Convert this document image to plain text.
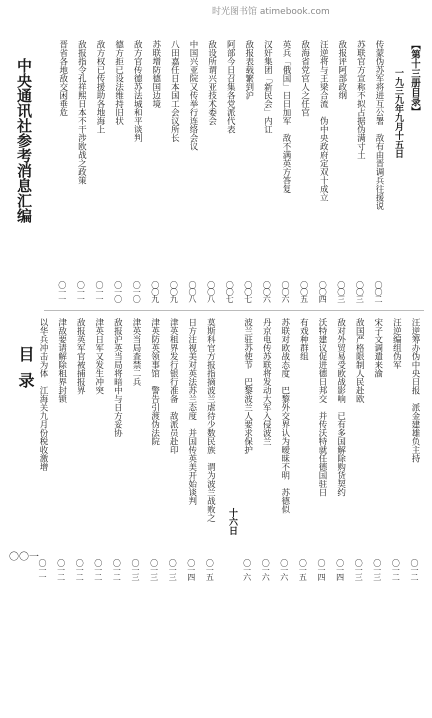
时光图书馆 atimebook.com
中央通讯社参考消息汇编
目录
〇〇一
【第十三册目录】
一九三九年九月十五日
传蒙伪苏军将进互公署　敌有由晋调兵往援说
〇〇二
苏联官方宣称不拟占据伪满寸土
〇〇三
敌报评阿部政纲
〇〇三
汪逆将与王梁合流　伪中央政府定双十成立
〇〇四
敌海省党官人之任官
〇〇五
英兵「俄国」日日加军　敌不满英方答复
〇〇六
汉奸集团「新民会」内讧
〇〇六
敌报表载繁到沪
〇〇七
阿部今日召集各党派代表
〇〇七
敌设所谓兴亚技术委会
〇〇八
中国兴亚院又传举行连络会议
〇〇八
八田嘉任日本国工会议所长
〇〇九
苏联增防德国边境
〇〇九
敌方官传德苏法城和平谈判
〇一〇
德方拒已设法维持旧状
〇一〇
敌方权已传援助各地海上
〇一一
敌报指令孔祥熙日本不干涉欧战之政策
〇一一
晋省各地敌交困垂危
〇一一
十六日
汪逆筹办伪中央日报　派金建雄负主持
〇一二
汪逆编组伪军
〇一二
宋子文调遣来渝
〇一三
敌国严格限制人民赴欧
〇一三
敌对外贸易受欧战影响　已有多国解除购货契约
〇一四
沃特建议促进德日邦交　并传沃特就任德国驻日
〇一四
有戏种群组
〇一五
苏联对欧战态度　巴黎外交界认为暧昧不明　苏德似
〇一六
丹京电传苏联将发动大军入侵波兰
〇一六
波兰驻苏使节　巴黎波兰人要求保护
〇一六
莫斯科官方报指摘波兰虐待少数民族　谓为波兰战败之
〇一五
日方注视美对英法苏兰态度　并国传英美开始谈判
〇一四
津英租界发行银行准备　敌派员赴印
〇一三
津英防英领事馆　警告引渡伪法院
〇一三
津英当局查禁二兵
〇一三
敌报沪英当局将暗中与日方妥协
〇一二
津英日军又发生冲突
〇一二
敌报英军官被捕报界
〇一二
津敌要请解除租界封锁
〇一二
以华兵冲击为体　江海关九月份税收激增
〇一一
